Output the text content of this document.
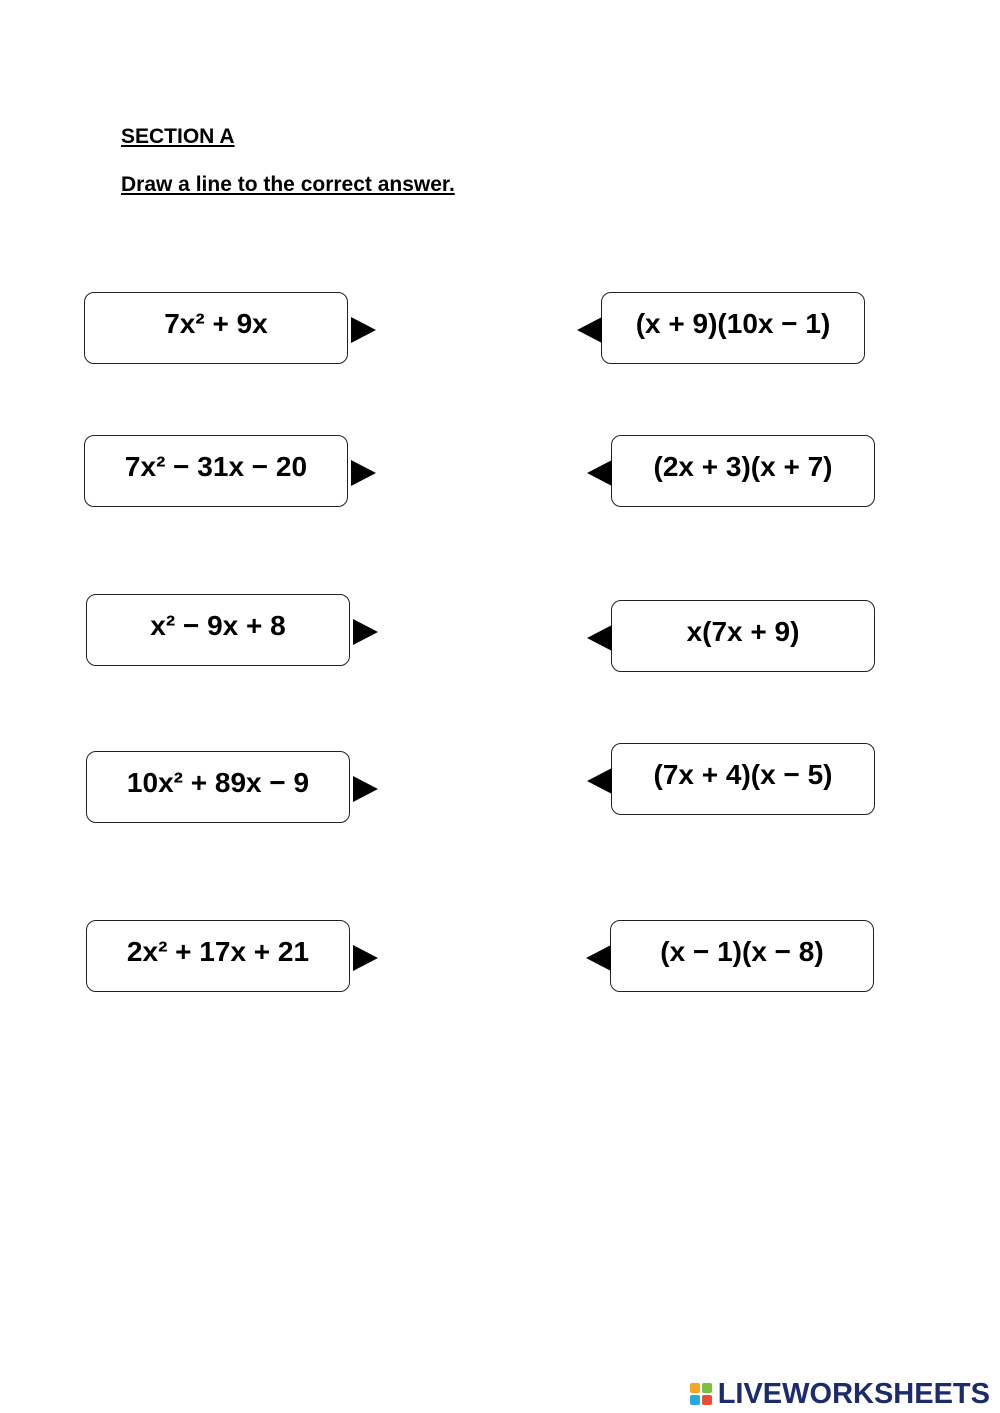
SECTION A
Draw a line to the correct answer.
7x² + 9x
7x² − 31x − 20
x² − 9x + 8
10x² + 89x − 9
2x² + 17x + 21
(x + 9)(10x − 1)
(2x + 3)(x + 7)
x(7x + 9)
(7x + 4)(x − 5)
(x − 1)(x − 8)
LIVEWORKSHEETS
